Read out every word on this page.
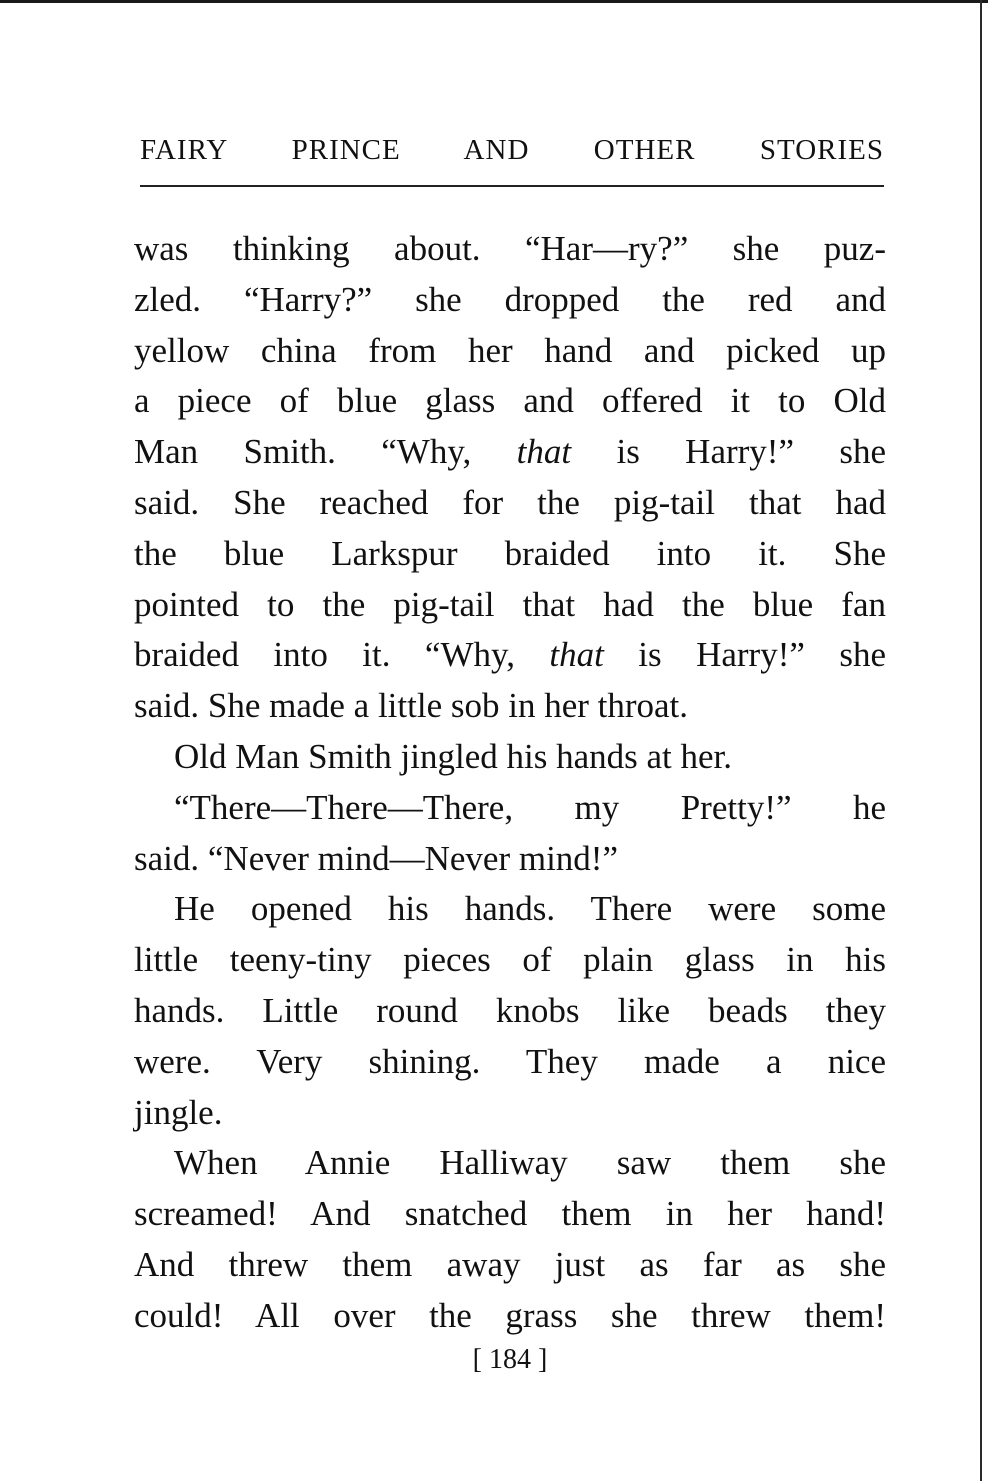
FAIRY PRINCE AND OTHER STORIES
was thinking about. “Har—ry?” she puz-
zled. “Harry?” she dropped the red and
yellow china from her hand and picked up
a piece of blue glass and offered it to Old
Man Smith. “Why, that is Harry!” she
said. She reached for the pig-tail that had
the blue Larkspur braided into it. She
pointed to the pig-tail that had the blue fan
braided into it. “Why, that is Harry!” she
said. She made a little sob in her throat.
Old Man Smith jingled his hands at her.
“There—There—There, my Pretty!” he
said. “Never mind—Never mind!”
He opened his hands. There were some
little teeny-tiny pieces of plain glass in his
hands. Little round knobs like beads they
were. Very shining. They made a nice
jingle.
When Annie Halliway saw them she
screamed! And snatched them in her hand!
And threw them away just as far as she
could! All over the grass she threw them!
[ 184 ]
